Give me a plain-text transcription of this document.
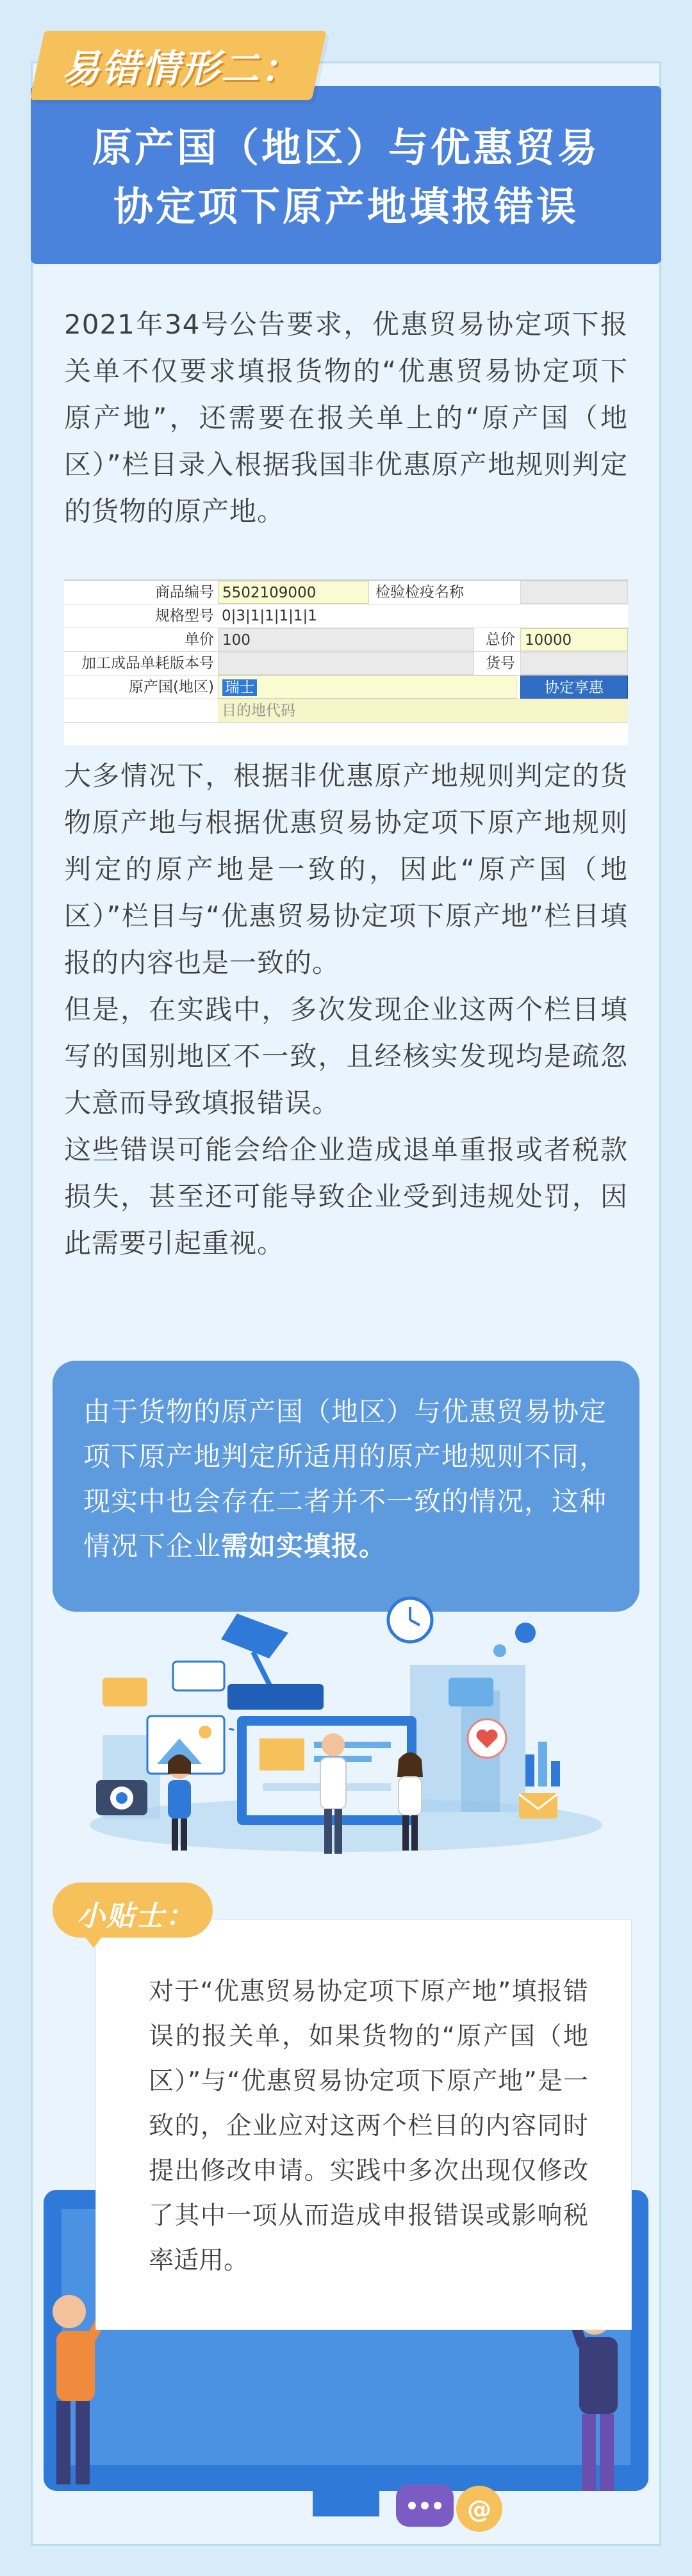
易错情形二：
原产国（地区）与优惠贸易
协定项下原产地填报错误

2021年34号公告要求，优惠贸易协定项下报关单不仅要求填报货物的“优惠贸易协定项下原产地”，还需要在报关单上的“原产国（地区）”栏目录入根据我国非优惠原产地规则判定的货物的原产地。

商品编号 5502109000	检验检疫名称
规格型号 0|3|1|1|1|1|1
单价 100	总价 10000
加工成品单耗版本号	货号
原产国(地区) 瑞士	协定享惠
目的地代码

大多情况下，根据非优惠原产地规则判定的货物原产地与根据优惠贸易协定项下原产地规则判定的原产地是一致的，因此“原产国（地区）”栏目与“优惠贸易协定项下原产地”栏目填报的内容也是一致的。

但是，在实践中，多次发现企业这两个栏目填写的国别地区不一致，且经核实发现均是疏忽大意而导致填报错误。

这些错误可能会给企业造成退单重报或者税款损失，甚至还可能导致企业受到违规处罚，因此需要引起重视。

由于货物的原产国（地区）与优惠贸易协定项下原产地判定所适用的原产地规则不同，现实中也会存在二者并不一致的情况，这种情况下企业需如实填报。
@
小贴士：
对于“优惠贸易协定项下原产地”填报错误的报关单，如果货物的“原产国（地区）”与“优惠贸易协定项下原产地”是一致的，企业应对这两个栏目的内容同时提出修改申请。实践中多次出现仅修改了其中一项从而造成申报错误或影响税率适用。
